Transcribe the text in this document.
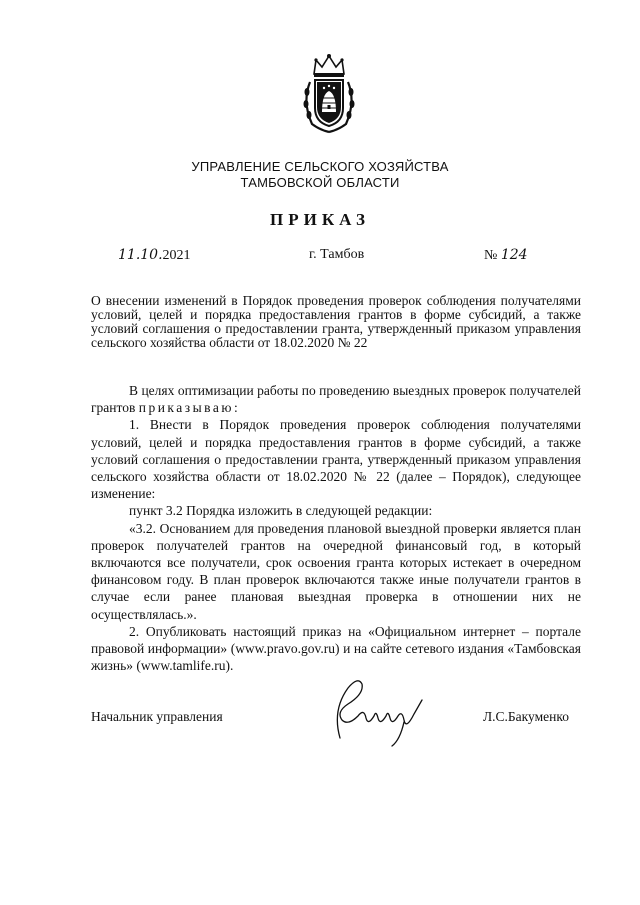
УПРАВЛЕНИЕ СЕЛЬСКОГО ХОЗЯЙСТВА
ТАМБОВСКОЙ ОБЛАСТИ
ПРИКАЗ
11.10.2021	г. Тамбов	№ 124
О внесении изменений в Порядок проведения проверок соблюдения получателями условий, целей и порядка предоставления грантов в форме субсидий, а также условий соглашения о предоставлении гранта, утвержденный приказом управления сельского хозяйства области от 18.02.2020 № 22

В целях оптимизации работы по проведению выездных проверок получателей грантов приказываю:

1. Внести в Порядок проведения проверок соблюдения получателями условий, целей и порядка предоставления грантов в форме субсидий, а также условий соглашения о предоставлении гранта, утвержденный приказом управления сельского хозяйства области от 18.02.2020 № 22 (далее – Порядок), следующее изменение:

пункт 3.2 Порядка изложить в следующей редакции:

«3.2. Основанием для проведения плановой выездной проверки является план проверок получателей грантов на очередной финансовый год, в который включаются все получатели, срок освоения гранта которых истекает в очередном финансовом году. В план проверок включаются также иные получатели грантов в случае если ранее плановая выездная проверка в отношении них не осуществлялась.».

2. Опубликовать настоящий приказ на «Официальном интернет – портале правовой информации» (www.pravo.gov.ru) и на сайте сетевого издания «Тамбовская жизнь» (www.tamlife.ru).

Начальник управления	Л.С.Бакуменко
